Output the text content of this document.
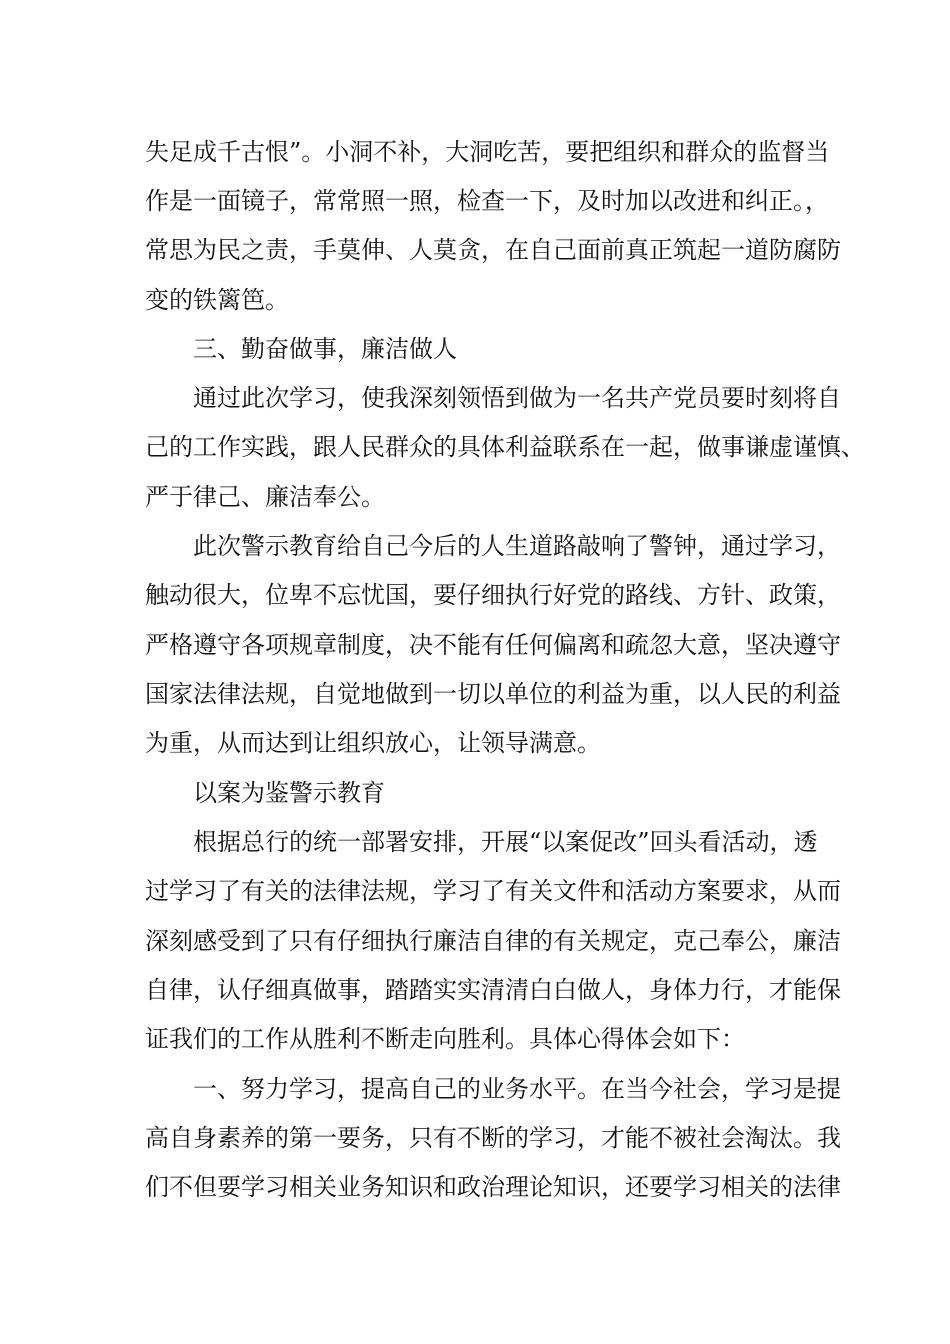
失足成千古恨”。小洞不补，大洞吃苦，要把组织和群众的监督当
作是一面镜子，常常照一照，检查一下，及时加以改进和纠正。，
常思为民之责，手莫伸、人莫贪，在自己面前真正筑起一道防腐防
变的铁篱笆。
三、勤奋做事，廉洁做人
通过此次学习，使我深刻领悟到做为一名共产党员要时刻将自
己的工作实践，跟人民群众的具体利益联系在一起，做事谦虚谨慎、
严于律己、廉洁奉公。
此次警示教育给自己今后的人生道路敲响了警钟，通过学习，
触动很大，位卑不忘忧国，要仔细执行好党的路线、方针、政策，
严格遵守各项规章制度，决不能有任何偏离和疏忽大意，坚决遵守
国家法律法规，自觉地做到一切以单位的利益为重，以人民的利益
为重，从而达到让组织放心，让领导满意。
以案为鉴警示教育
根据总行的统一部署安排，开展“以案促改”回头看活动，透
过学习了有关的法律法规，学习了有关文件和活动方案要求，从而
深刻感受到了只有仔细执行廉洁自律的有关规定，克己奉公，廉洁
自律，认仔细真做事，踏踏实实清清白白做人，身体力行，才能保
证我们的工作从胜利不断走向胜利。具体心得体会如下：
一、努力学习，提高自己的业务水平。在当今社会，学习是提
高自身素养的第一要务，只有不断的学习，才能不被社会淘汰。我
们不但要学习相关业务知识和政治理论知识，还要学习相关的法律
